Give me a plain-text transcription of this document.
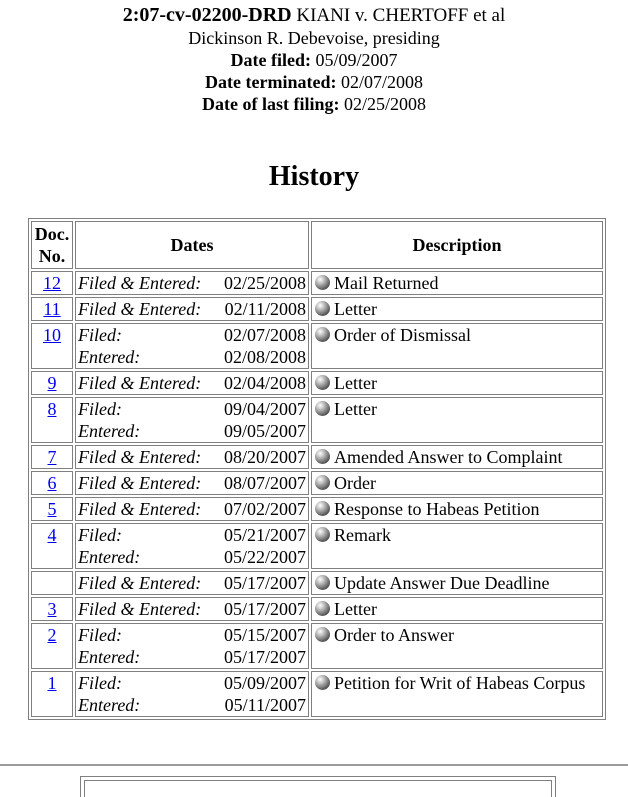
2:07-cv-02200-DRD KIANI v. CHERTOFF et al
Dickinson R. Debevoise, presiding
Date filed: 05/09/2007
Date terminated: 02/07/2008
Date of last filing: 02/25/2008
History
Doc. No.	Dates	Description
12	Filed & Entered: 02/25/2008	Mail Returned
11	Filed & Entered: 02/11/2008	Letter
10	Filed: 02/07/2008
Entered: 02/08/2008	Order of Dismissal
9	Filed & Entered: 02/04/2008	Letter
8	Filed: 09/04/2007
Entered: 09/05/2007	Letter
7	Filed & Entered: 08/20/2007	Amended Answer to Complaint
6	Filed & Entered: 08/07/2007	Order
5	Filed & Entered: 07/02/2007	Response to Habeas Petition
4	Filed: 05/21/2007
Entered: 05/22/2007	Remark

	Filed & Entered: 05/17/2007	Update Answer Due Deadline
3	Filed & Entered: 05/17/2007	Letter
2	Filed: 05/15/2007
Entered: 05/17/2007	Order to Answer
1	Filed: 05/09/2007
Entered: 05/11/2007	Petition for Writ of Habeas Corpus
